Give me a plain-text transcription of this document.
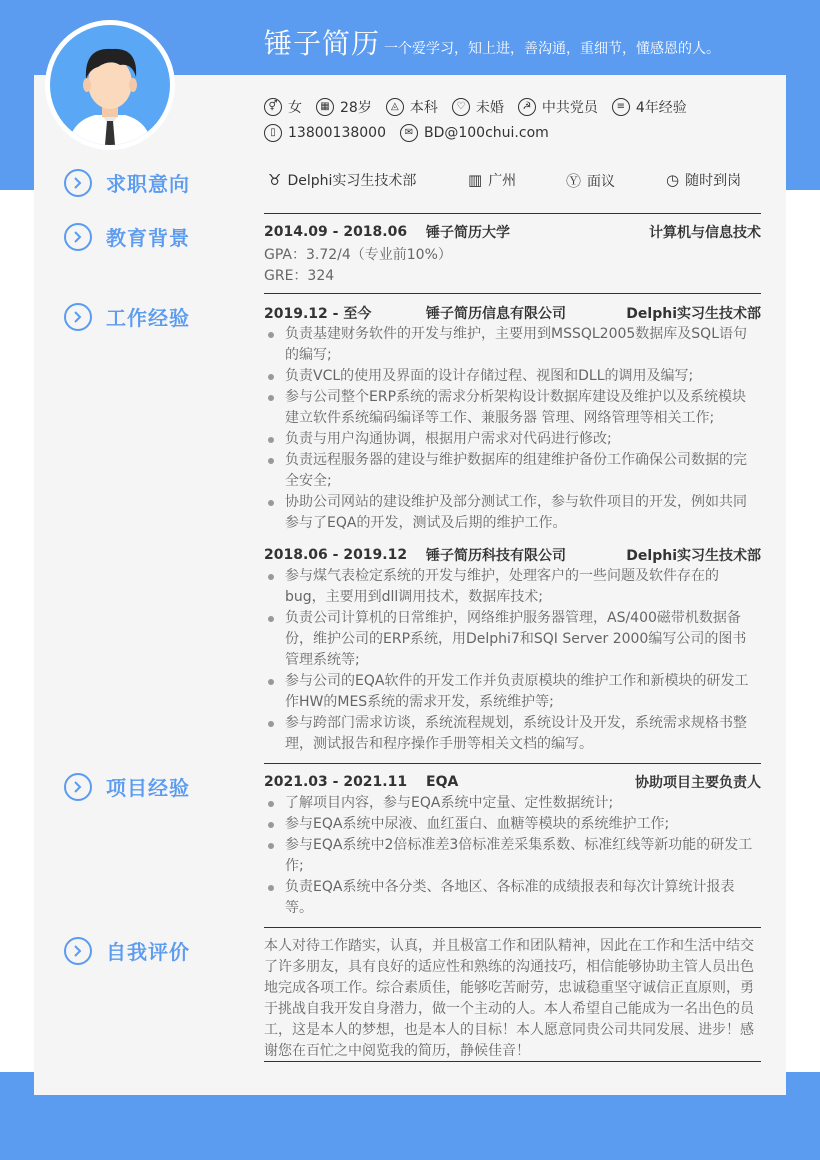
锤子简历 一个爱学习，知上进，善沟通，重细节，懂感恩的人。
⚥ 女	▦ 28岁	◬ 本科	♡ 未婚	☭ 中共党员	≡ 4年经验
▯ 13800138000	✉ BD@100chui.com
求职意向	♉ Delphi实习生技术部	▥ 广州	Ⓨ 面议	◷ 随时到岗
教育背景	2014.09 - 2018.06	锤子简历大学	计算机与信息技术
GPA：3.72/4（专业前10%）
GRE：324
工作经验	2019.12 - 至今	锤子简历信息有限公司	Delphi实习生技术部
负责基建财务软件的开发与维护，主要用到MSSQL2005数据库及SQL语句的编写;
负责VCL的使用及界面的设计存储过程、视图和DLL的调用及编写;
参与公司整个ERP系统的需求分析架构设计数据库建设及维护以及系统模块建立软件系统编码编译等工作、兼服务器 管理、网络管理等相关工作;
负责与用户沟通协调，根据用户需求对代码进行修改;
负责远程服务器的建设与维护数据库的组建维护备份工作确保公司数据的完全安全;
协助公司网站的建设维护及部分测试工作，参与软件项目的开发，例如共同参与了EQA的开发，测试及后期的维护工作。
2018.06 - 2019.12	锤子简历科技有限公司	Delphi实习生技术部
参与煤气表检定系统的开发与维护，处理客户的一些问题及软件存在的bug，主要用到dll调用技术，数据库技术;
负责公司计算机的日常维护，网络维护服务器管理，AS/400磁带机数据备份，维护公司的ERP系统，用Delphi7和SQI Server 2000编写公司的图书管理系统等;
参与公司的EQA软件的开发工作并负责原模块的维护工作和新模块的研发工作HW的MES系统的需求开发，系统维护等;
参与跨部门需求访谈，系统流程规划，系统设计及开发，系统需求规格书整理，测试报告和程序操作手册等相关文档的编写。
项目经验	2021.03 - 2021.11	EQA	协助项目主要负责人
了解项目内容，参与EQA系统中定量、定性数据统计;
参与EQA系统中尿液、血红蛋白、血糖等模块的系统维护工作;
参与EQA系统中2倍标准差3倍标准差采集系数、标准红线等新功能的研发工作;
负责EQA系统中各分类、各地区、各标准的成绩报表和每次计算统计报表等。
自我评价	本人对待工作踏实，认真，并且极富工作和团队精神，因此在工作和生活中结交了许多朋友，具有良好的适应性和熟练的沟通技巧，相信能够协助主管人员出色地完成各项工作。综合素质佳，能够吃苦耐劳，忠诚稳重坚守诚信正直原则，勇于挑战自我开发自身潜力，做一个主动的人。本人希望自己能成为一名出色的员工，这是本人的梦想，也是本人的目标！本人愿意同贵公司共同发展、进步！感谢您在百忙之中阅览我的简历，静候佳音！
